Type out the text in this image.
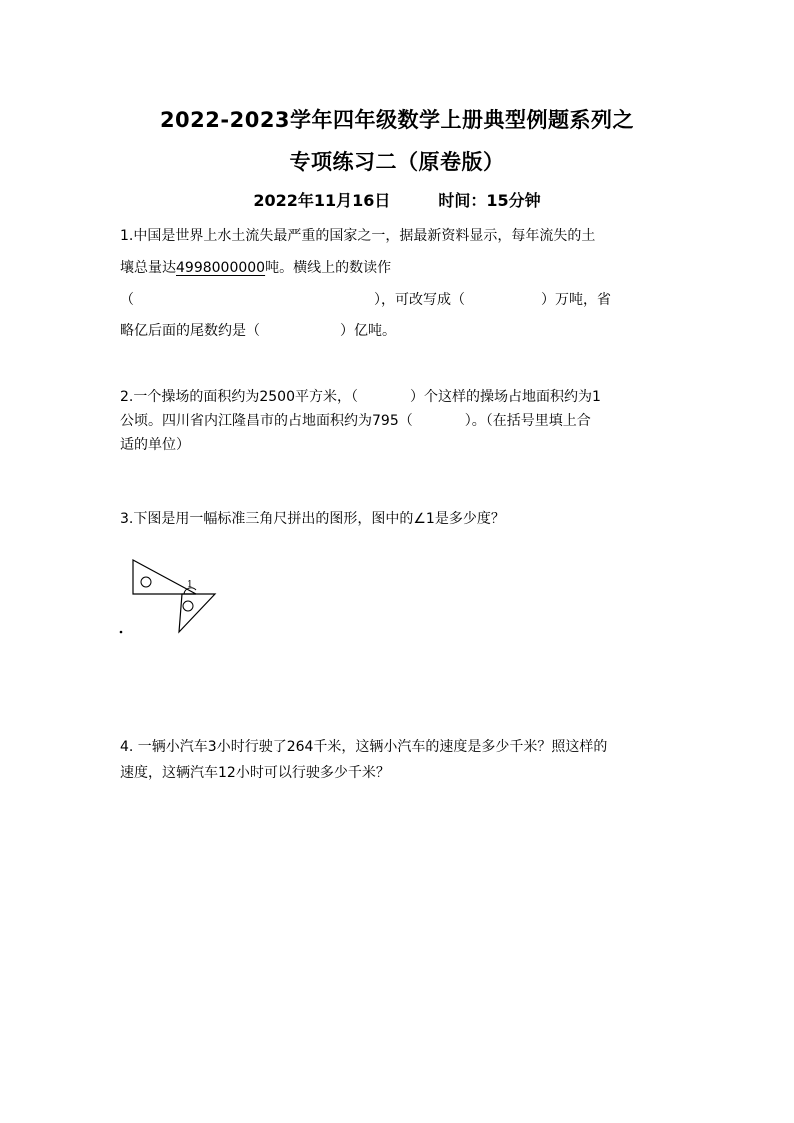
2022-2023学年四年级数学上册典型例题系列之
专项练习二（原卷版）
2022年11月16日	时间：15分钟
1.中国是世界上水土流失最严重的国家之一，据最新资料显示，每年流失的土
壤总量达4998000000吨。横线上的数读作
（	），可改写成（	）万吨，省
略亿后面的尾数约是（	）亿吨。
2.一个操场的面积约为2500平方米，（	）个这样的操场占地面积约为1
公顷。四川省内江隆昌市的占地面积约为795（	）。（在括号里填上合
适的单位）
3.下图是用一幅标准三角尺拼出的图形，图中的∠1是多少度？
1
4. 一辆小汽车3小时行驶了264千米，这辆小汽车的速度是多少千米？照这样的
速度，这辆汽车12小时可以行驶多少千米？
